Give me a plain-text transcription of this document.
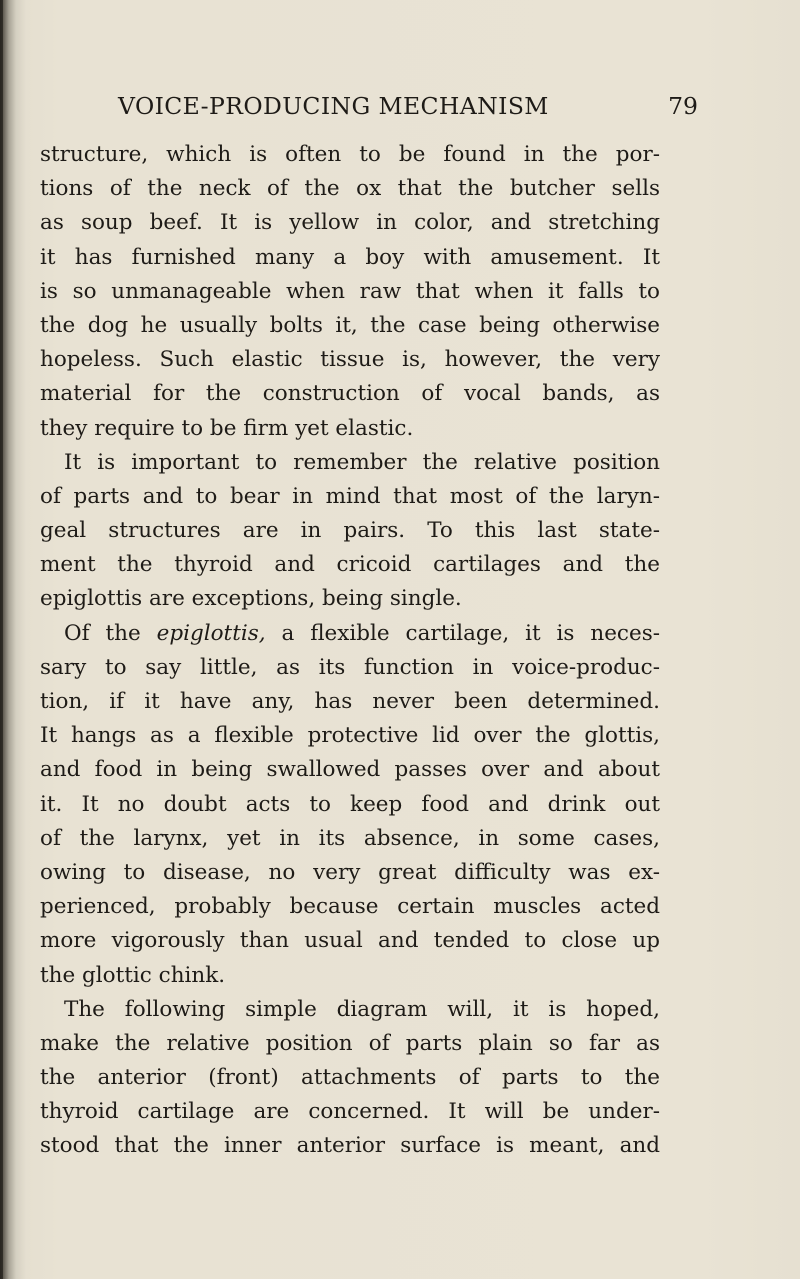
VOICE-PRODUCING MECHANISM	79
structure, which is often to be found in the por-
tions of the neck of the ox that the butcher sells
as soup beef. It is yellow in color, and stretching
it has furnished many a boy with amusement. It
is so unmanageable when raw that when it falls to
the dog he usually bolts it, the case being otherwise
hopeless. Such elastic tissue is, however, the very
material for the construction of vocal bands, as
they require to be firm yet elastic.
It is important to remember the relative position
of parts and to bear in mind that most of the laryn-
geal structures are in pairs. To this last state-
ment the thyroid and cricoid cartilages and the
epiglottis are exceptions, being single.
Of the epiglottis, a flexible cartilage, it is neces-
sary to say little, as its function in voice-produc-
tion, if it have any, has never been determined.
It hangs as a flexible protective lid over the glottis,
and food in being swallowed passes over and about
it. It no doubt acts to keep food and drink out
of the larynx, yet in its absence, in some cases,
owing to disease, no very great difficulty was ex-
perienced, probably because certain muscles acted
more vigorously than usual and tended to close up
the glottic chink.
The following simple diagram will, it is hoped,
make the relative position of parts plain so far as
the anterior (front) attachments of parts to the
thyroid cartilage are concerned. It will be under-
stood that the inner anterior surface is meant, and
